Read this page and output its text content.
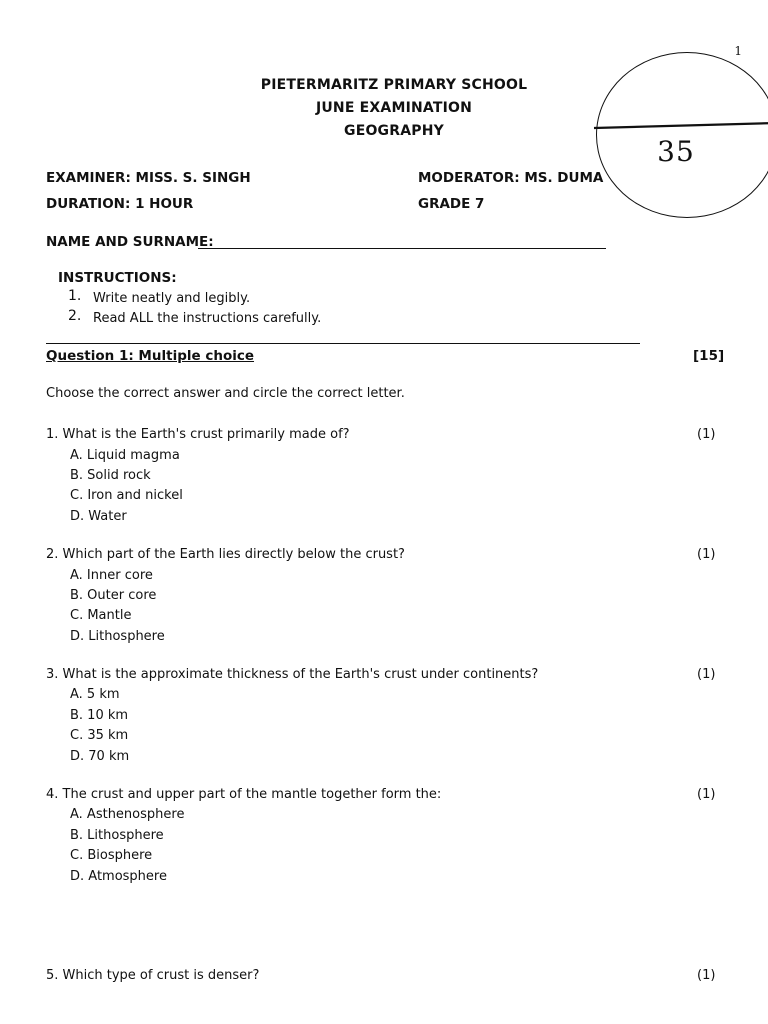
1
PIETERMARITZ PRIMARY SCHOOL
JUNE EXAMINATION
GEOGRAPHY
35
EXAMINER: MISS. S. SINGH	MODERATOR: MS. DUMA
DURATION: 1 HOUR	GRADE 7
NAME AND SURNAME:
INSTRUCTIONS:
1. Write neatly and legibly.
2. Read ALL the instructions carefully.
Question 1: Multiple choice	[15]
Choose the correct answer and circle the correct letter.
1. What is the Earth's crust primarily made of?	(1)
A. Liquid magma
B. Solid rock
C. Iron and nickel
D. Water
2. Which part of the Earth lies directly below the crust?	(1)
A. Inner core
B. Outer core
C. Mantle
D. Lithosphere
3. What is the approximate thickness of the Earth's crust under continents?	(1)
A. 5 km
B. 10 km
C. 35 km
D. 70 km
4. The crust and upper part of the mantle together form the:	(1)
A. Asthenosphere
B. Lithosphere
C. Biosphere
D. Atmosphere
5. Which type of crust is denser?	(1)
